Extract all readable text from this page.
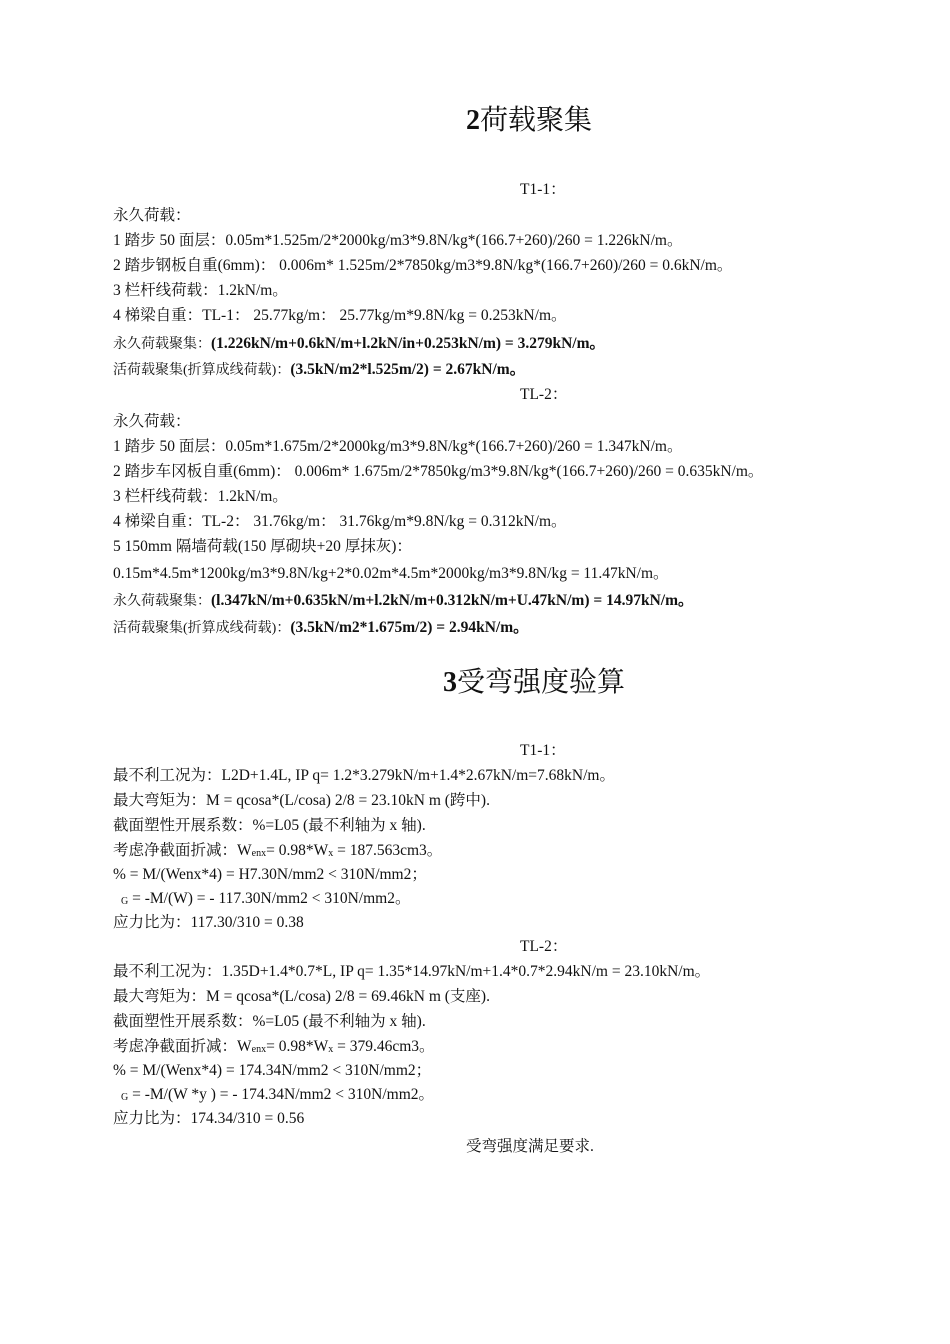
2荷载聚集
T1-1：
永久荷载：
1 踏步 50 面层：0.05m*1.525m/2*2000kg/m3*9.8N/kg*(166.7+260)/260 = 1.226kN/m。
2 踏步钢板自重(6mm)： 0.006m* 1.525m/2*7850kg/m3*9.8N/kg*(166.7+260)/260 = 0.6kN/m。
3 栏杆线荷载：1.2kN/m。
4 梯梁自重：TL-1： 25.77kg/m： 25.77kg/m*9.8N/kg = 0.253kN/m。
永久荷载聚集：(1.226kN/m+0.6kN/m+l.2kN/in+0.253kN/m) = 3.279kN/m。
活荷载聚集(折算成线荷载)：(3.5kN/m2*l.525m/2) = 2.67kN/m。
TL-2：
永久荷载：
1 踏步 50 面层：0.05m*1.675m/2*2000kg/m3*9.8N/kg*(166.7+260)/260 = 1.347kN/m。
2 踏步车冈板自重(6mm)： 0.006m* 1.675m/2*7850kg/m3*9.8N/kg*(166.7+260)/260 = 0.635kN/m。
3 栏杆线荷载：1.2kN/m。
4 梯梁自重：TL-2： 31.76kg/m： 31.76kg/m*9.8N/kg = 0.312kN/m。
5 150mm 隔墙荷载(150 厚砌块+20 厚抹灰)：
0.15m*4.5m*1200kg/m3*9.8N/kg+2*0.02m*4.5m*2000kg/m3*9.8N/kg = 11.47kN/m。
永久荷载聚集：(l.347kN/m+0.635kN/m+l.2kN/m+0.312kN/m+U.47kN/m) = 14.97kN/m。
活荷载聚集(折算成线荷载)：(3.5kN/m2*1.675m/2) = 2.94kN/m。
3受弯强度验算
T1-1：
最不利工况为：L2D+1.4L, IP q= 1.2*3.279kN/m+1.4*2.67kN/m=7.68kN/m。
最大弯矩为：M = qcosa*(L/cosa) 2/8 = 23.10kN m (跨中).
截面塑性开展系数：%=L05 (最不利轴为 x 轴).
考虑净截面折减：Wenx= 0.98*Wx = 187.563cm3。
% = M/(Wenx*4) = H7.30N/mm2 < 310N/mm2；
G = -M/(W) = - 117.30N/mm2 < 310N/mm2。
应力比为：117.30/310 = 0.38
TL-2：
最不利工况为：1.35D+1.4*0.7*L, IP q= 1.35*14.97kN/m+1.4*0.7*2.94kN/m = 23.10kN/m。
最大弯矩为：M = qcosa*(L/cosa) 2/8 = 69.46kN m (支座).
截面塑性开展系数：%=L05 (最不利轴为 x 轴).
考虑净截面折减：Wenx= 0.98*Wx = 379.46cm3。
% = M/(Wenx*4) = 174.34N/mm2 < 310N/mm2；
G = -M/(W *y ) = - 174.34N/mm2 < 310N/mm2。
应力比为：174.34/310 = 0.56
受弯强度满足要求.
